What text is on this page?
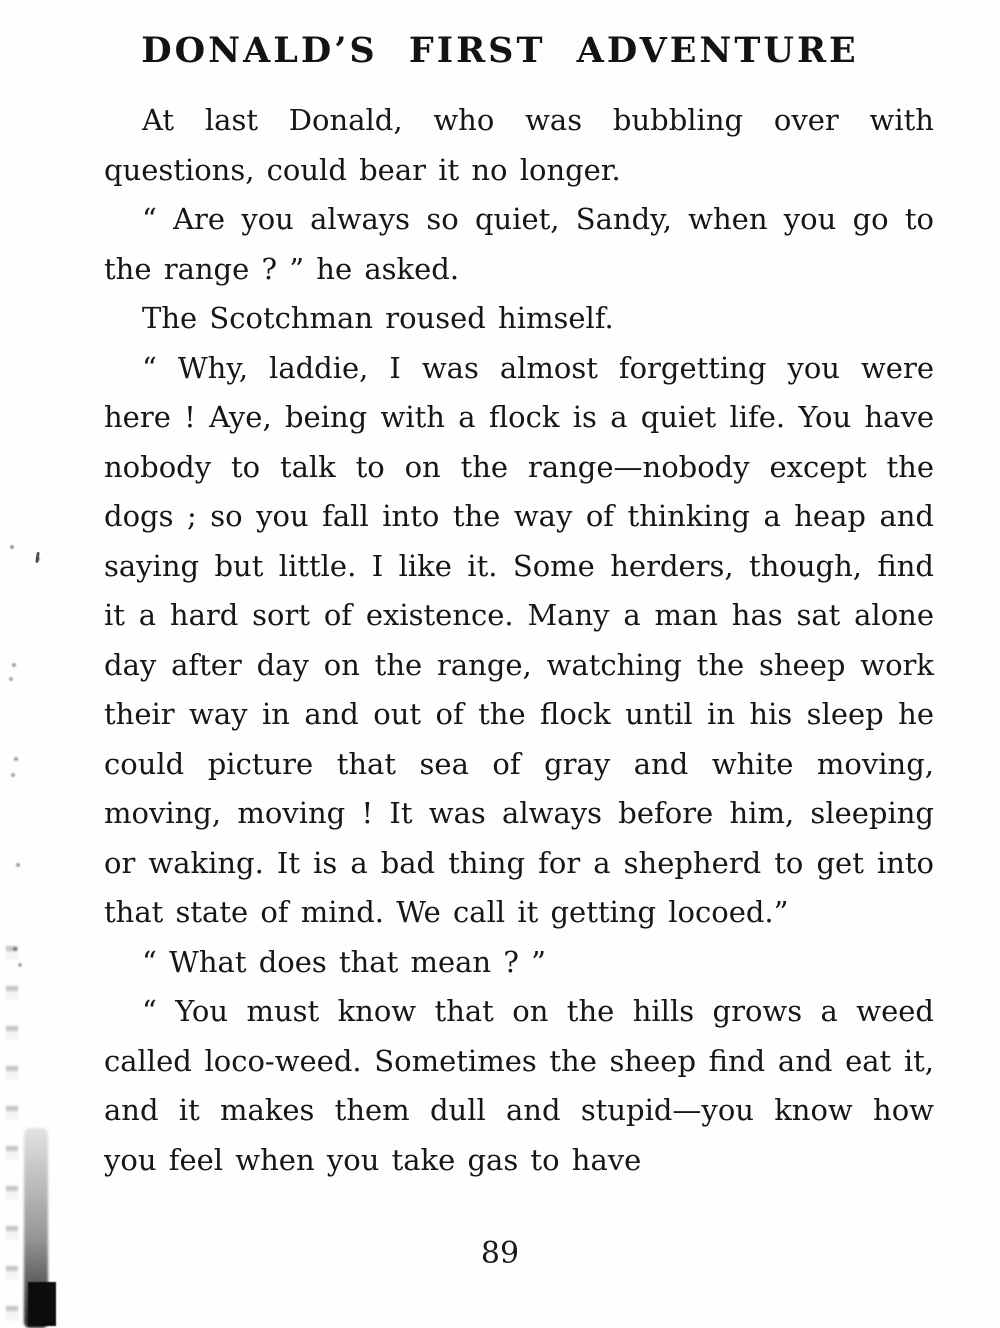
DONALD’S FIRST ADVENTURE

At last Donald, who was bubbling over with questions, could bear it no longer.

“ Are you always so quiet, Sandy, when you go to the range ? ” he asked.

The Scotchman roused himself.

“ Why, laddie, I was almost forgetting you were here ! Aye, being with a flock is a quiet life. You have nobody to talk to on the range—nobody except the dogs ; so you fall into the way of thinking a heap and saying but little. I like it. Some herders, though, find it a hard sort of existence. Many a man has sat alone day after day on the range, watching the sheep work their way in and out of the flock until in his sleep he could picture that sea of gray and white moving, moving, moving ! It was always before him, sleeping or waking. It is a bad thing for a shepherd to get into that state of mind. We call it getting locoed.”

“ What does that mean ? ”

“ You must know that on the hills grows a weed called loco-weed. Sometimes the sheep find and eat it, and it makes them dull and stupid—you know how you feel when you take gas to have

89
